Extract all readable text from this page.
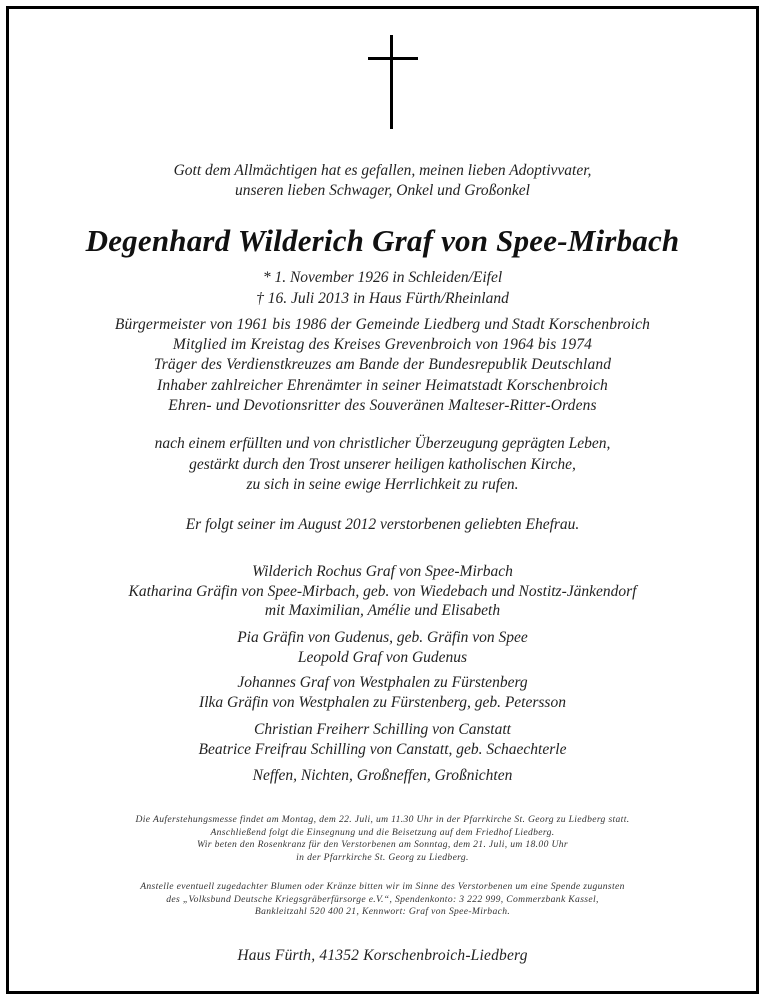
Gott dem Allmächtigen hat es gefallen, meinen lieben Adoptivvater,
unseren lieben Schwager, Onkel und Großonkel
Degenhard Wilderich Graf von Spee-Mirbach
* 1. November 1926 in Schleiden/Eifel
† 16. Juli 2013 in Haus Fürth/Rheinland
Bürgermeister von 1961 bis 1986 der Gemeinde Liedberg und Stadt Korschenbroich
Mitglied im Kreistag des Kreises Grevenbroich von 1964 bis 1974
Träger des Verdienstkreuzes am Bande der Bundesrepublik Deutschland
Inhaber zahlreicher Ehrenämter in seiner Heimatstadt Korschenbroich
Ehren- und Devotionsritter des Souveränen Malteser-Ritter-Ordens
nach einem erfüllten und von christlicher Überzeugung geprägten Leben,
gestärkt durch den Trost unserer heiligen katholischen Kirche,
zu sich in seine ewige Herrlichkeit zu rufen.
Er folgt seiner im August 2012 verstorbenen geliebten Ehefrau.
Wilderich Rochus Graf von Spee-Mirbach
Katharina Gräfin von Spee-Mirbach, geb. von Wiedebach und Nostitz-Jänkendorf
mit Maximilian, Amélie und Elisabeth
Pia Gräfin von Gudenus, geb. Gräfin von Spee
Leopold Graf von Gudenus
Johannes Graf von Westphalen zu Fürstenberg
Ilka Gräfin von Westphalen zu Fürstenberg, geb. Petersson
Christian Freiherr Schilling von Canstatt
Beatrice Freifrau Schilling von Canstatt, geb. Schaechterle
Neffen, Nichten, Großneffen, Großnichten
Die Auferstehungsmesse findet am Montag, dem 22. Juli, um 11.30 Uhr in der Pfarrkirche St. Georg zu Liedberg statt.
Anschließend folgt die Einsegnung und die Beisetzung auf dem Friedhof Liedberg.
Wir beten den Rosenkranz für den Verstorbenen am Sonntag, dem 21. Juli, um 18.00 Uhr
in der Pfarrkirche St. Georg zu Liedberg.
Anstelle eventuell zugedachter Blumen oder Kränze bitten wir im Sinne des Verstorbenen um eine Spende zugunsten
des „Volksbund Deutsche Kriegsgräberfürsorge e.V.“, Spendenkonto: 3 222 999, Commerzbank Kassel,
Bankleitzahl 520 400 21, Kennwort: Graf von Spee-Mirbach.
Haus Fürth, 41352 Korschenbroich-Liedberg
